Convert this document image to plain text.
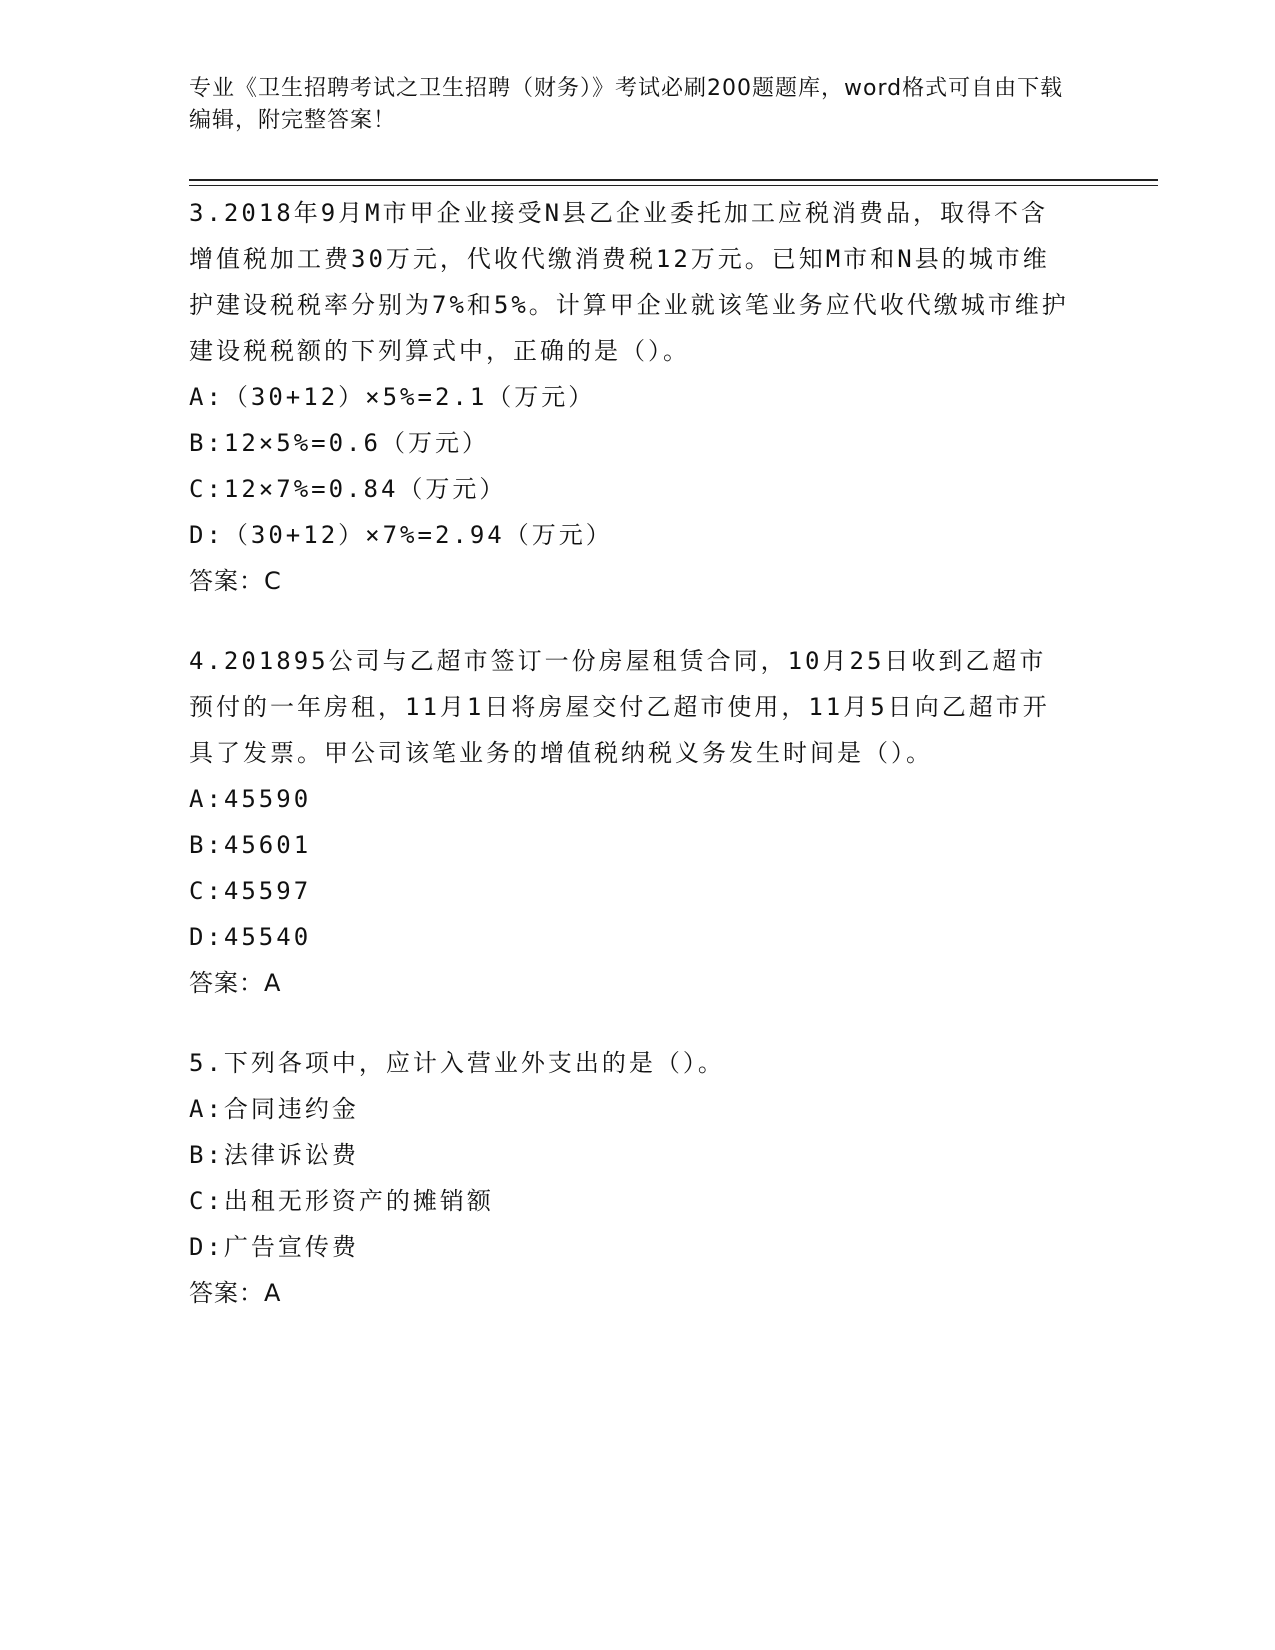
专业《卫生招聘考试之卫生招聘（财务）》考试必刷200题题库，word格式可自由下载编辑，附完整答案！

3.2018年9月M市甲企业接受N县乙企业委托加工应税消费品，取得不含增值税加工费30万元，代收代缴消费税12万元。已知M市和N县的城市维护建设税税率分别为7%和5%。计算甲企业就该笔业务应代收代缴城市维护建设税税额的下列算式中，正确的是（）。

A:（30+12）×5%=2.1（万元）
B:12×5%=0.6（万元）
C:12×7%=0.84（万元）
D:（30+12）×7%=2.94（万元）

答案：C

4.201895公司与乙超市签订一份房屋租赁合同，10月25日收到乙超市预付的一年房租，11月1日将房屋交付乙超市使用，11月5日向乙超市开具了发票。甲公司该笔业务的增值税纳税义务发生时间是（）。

A:45590
B:45601
C:45597
D:45540

答案：A

5.下列各项中，应计入营业外支出的是（）。

A:合同违约金
B:法律诉讼费
C:出租无形资产的摊销额
D:广告宣传费

答案：A
